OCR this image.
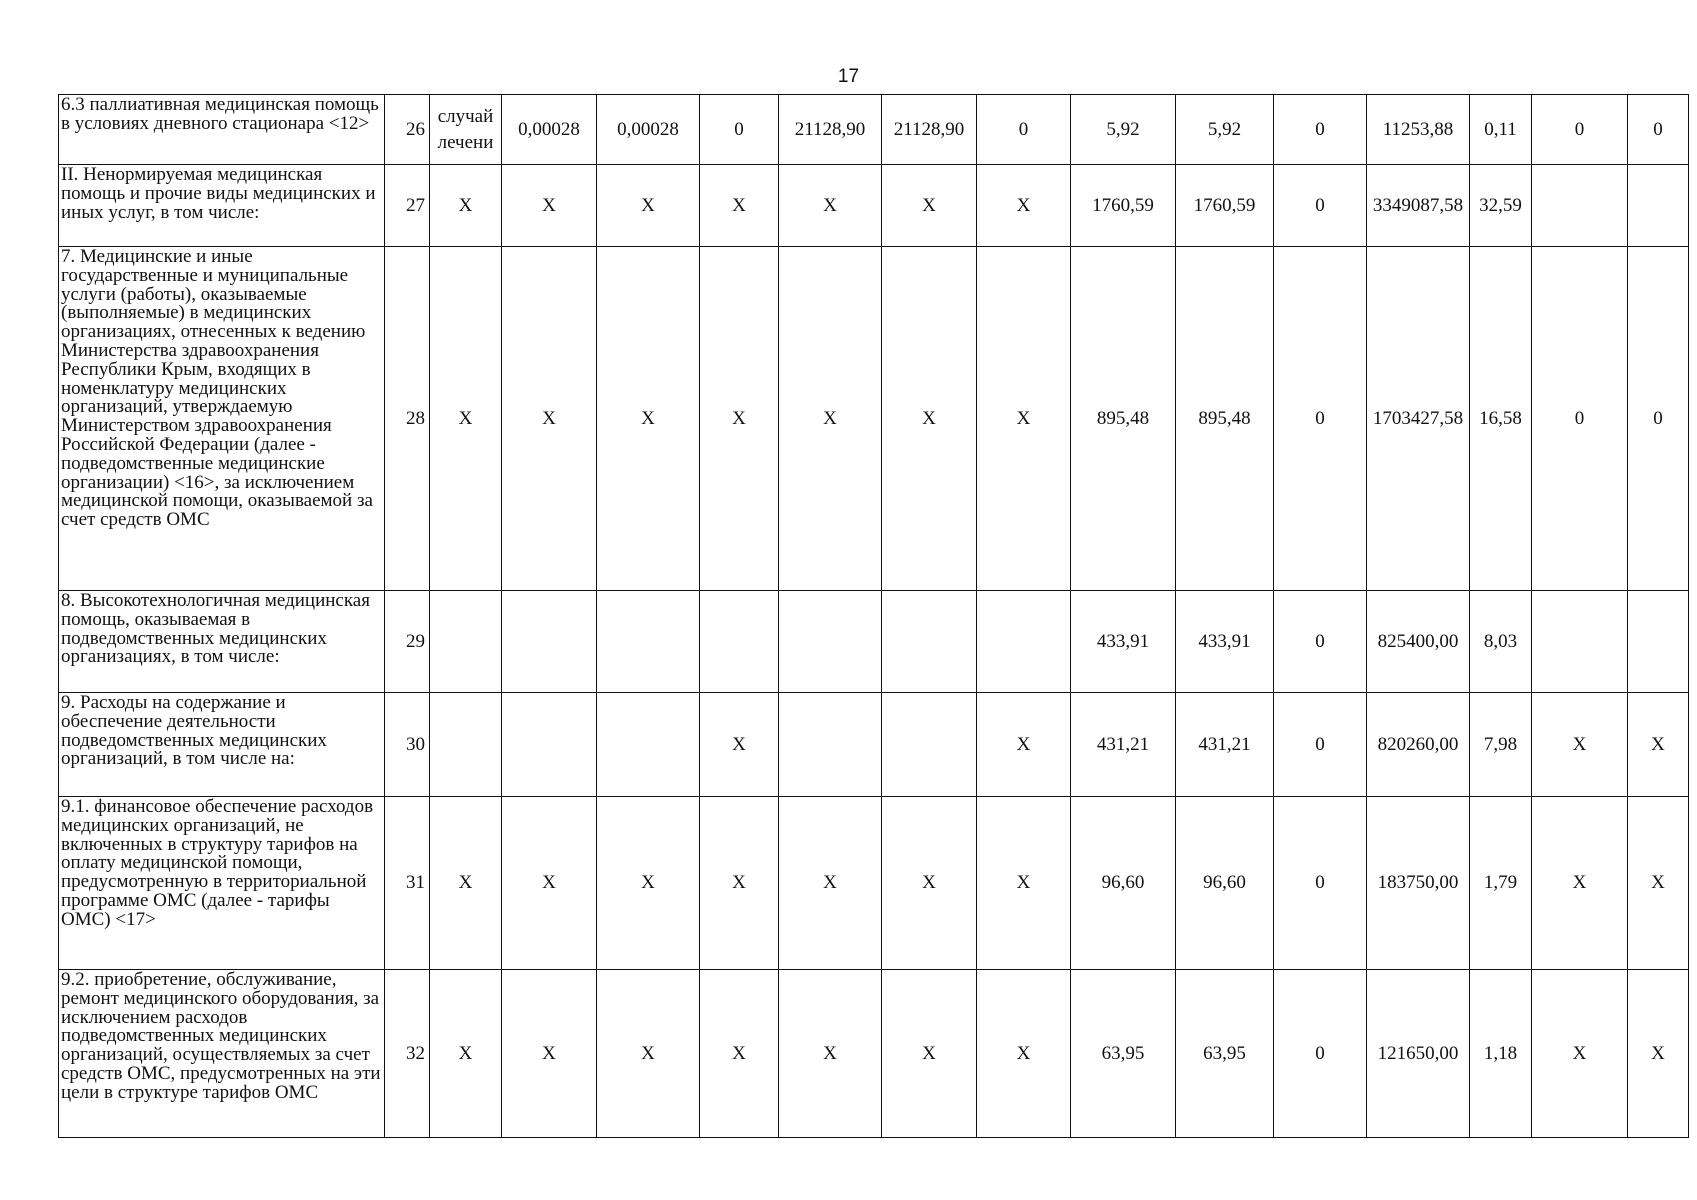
17
6.3 паллиативная медицинская помощь в условиях дневного стационара <12>	26	случай лечени	0,00028	0,00028	0	21128,90	21128,90	0	5,92	5,92	0	11253,88	0,11	0	0
II. Ненормируемая медицинская помощь и прочие виды медицинских и иных услуг, в том числе:	27	X	X	X	X	X	X	X	1760,59	1760,59	0	3349087,58	32,59		
7. Медицинские и иные государственные и муниципальные услуги (работы), оказываемые (выполняемые) в медицинских организациях, отнесенных к ведению Министерства здравоохранения Республики Крым, входящих в номенклатуру медицинских организаций, утверждаемую Министерством здравоохранения Российской Федерации (далее - подведомственные медицинские организации) <16>, за исключением медицинской помощи, оказываемой за счет средств ОМС	28	X	X	X	X	X	X	X	895,48	895,48	0	1703427,58	16,58	0	0
8. Высокотехнологичная медицинская помощь, оказываемая в подведомственных медицинских организациях, в том числе:	29								433,91	433,91	0	825400,00	8,03		
9. Расходы на содержание и обеспечение деятельности подведомственных медицинских организаций, в том числе на:	30				X			X	431,21	431,21	0	820260,00	7,98	X	X
9.1. финансовое обеспечение расходов медицинских организаций, не включенных в структуру тарифов на оплату медицинской помощи, предусмотренную в территориальной программе ОМС (далее - тарифы ОМС) <17>	31	X	X	X	X	X	X	X	96,60	96,60	0	183750,00	1,79	X	X
9.2. приобретение, обслуживание, ремонт медицинского оборудования, за исключением расходов подведомственных медицинских организаций, осуществляемых за счет средств ОМС, предусмотренных на эти цели в структуре тарифов ОМС	32	X	X	X	X	X	X	X	63,95	63,95	0	121650,00	1,18	X	X
